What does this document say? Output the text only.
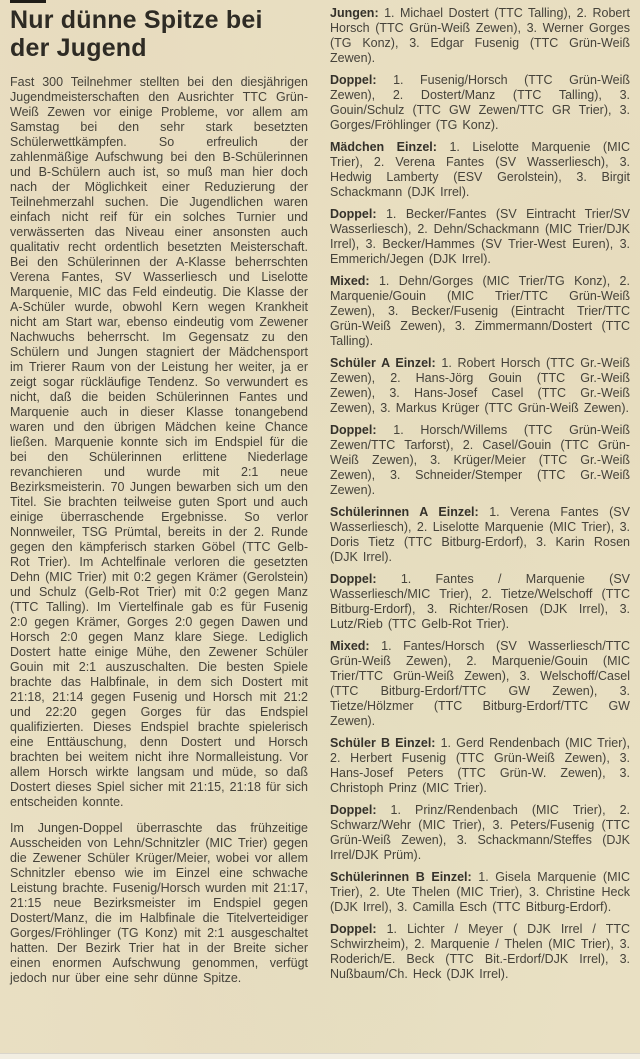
Nur dünne Spitze bei der Jugend

Fast 300 Teilnehmer stellten bei den diesjährigen Jugendmeisterschaften den Ausrichter TTC Grün-Weiß Zewen vor einige Probleme, vor allem am Samstag bei den sehr stark besetzten Schülerwettkämpfen. So erfreulich der zahlenmäßige Aufschwung bei den B-Schülerinnen und B-Schülern auch ist, so muß man hier doch nach der Möglichkeit einer Reduzierung der Teilnehmerzahl suchen. Die Jugendlichen waren einfach nicht reif für ein solches Turnier und verwässerten das Niveau einer ansonsten auch qualitativ recht ordentlich besetzten Meisterschaft. Bei den Schülerinnen der A-Klasse beherrschten Verena Fantes, SV Wasserliesch und Liselotte Marquenie, MIC das Feld eindeutig. Die Klasse der A-Schüler wurde, obwohl Kern wegen Krankheit nicht am Start war, ebenso eindeutig vom Zewener Nachwuchs beherrscht. Im Gegensatz zu den Schülern und Jungen stagniert der Mädchensport im Trierer Raum von der Leistung her weiter, ja er zeigt sogar rückläufige Tendenz. So verwundert es nicht, daß die beiden Schülerinnen Fantes und Marquenie auch in dieser Klasse tonangebend waren und den übrigen Mädchen keine Chance ließen. Marquenie konnte sich im Endspiel für die bei den Schülerinnen erlittene Niederlage revanchieren und wurde mit 2:1 neue Bezirksmeisterin. 70 Jungen bewarben sich um den Titel. Sie brachten teilweise guten Sport und auch einige überraschende Ergebnisse. So verlor Nonnweiler, TSG Prümtal, bereits in der 2. Runde gegen den kämpferisch starken Göbel (TTC Gelb-Rot Trier). Im Achtelfinale verloren die gesetzten Dehn (MIC Trier) mit 0:2 gegen Krämer (Gerolstein) und Schulz (Gelb-Rot Trier) mit 0:2 gegen Manz (TTC Talling). Im Viertelfinale gab es für Fusenig 2:0 gegen Krämer, Gorges 2:0 gegen Dawen und Horsch 2:0 gegen Manz klare Siege. Lediglich Dostert hatte einige Mühe, den Zewener Schüler Gouin mit 2:1 auszuschalten. Die besten Spiele brachte das Halbfinale, in dem sich Dostert mit 21:18, 21:14 gegen Fusenig und Horsch mit 21:2 und 22:20 gegen Gorges für das Endspiel qualifizierten. Dieses Endspiel brachte spielerisch eine Enttäuschung, denn Dostert und Horsch brachten bei weitem nicht ihre Normalleistung. Vor allem Horsch wirkte langsam und müde, so daß Dostert dieses Spiel sicher mit 21:15, 21:18 für sich entscheiden konnte.

Im Jungen-Doppel überraschte das frühzeitige Ausscheiden von Lehn/Schnitzler (MIC Trier) gegen die Zewener Schüler Krüger/Meier, wobei vor allem Schnitzler ebenso wie im Einzel eine schwache Leistung brachte. Fusenig/Horsch wurden mit 21:17, 21:15 neue Bezirksmeister im Endspiel gegen Dostert/Manz, die im Halbfinale die Titelverteidiger Gorges/Fröhlinger (TG Konz) mit 2:1 ausgeschaltet hatten. Der Bezirk Trier hat in der Breite sicher einen enormen Aufschwung genommen, verfügt jedoch nur über eine sehr dünne Spitze.

Jungen: 1. Michael Dostert (TTC Talling), 2. Robert Horsch (TTC Grün-Weiß Zewen), 3. Werner Gorges (TG Konz), 3. Edgar Fusenig (TTC Grün-Weiß Zewen).

Doppel: 1. Fusenig/Horsch (TTC Grün-Weiß Zewen), 2. Dostert/Manz (TTC Talling), 3. Gouin/Schulz (TTC GW Zewen/TTC GR Trier), 3. Gorges/Fröhlinger (TG Konz).

Mädchen Einzel: 1. Liselotte Marquenie (MIC Trier), 2. Verena Fantes (SV Wasserliesch), 3. Hedwig Lamberty (ESV Gerolstein), 3. Birgit Schackmann (DJK Irrel).

Doppel: 1. Becker/Fantes (SV Eintracht Trier/SV Wasserliesch), 2. Dehn/Schackmann (MIC Trier/DJK Irrel), 3. Becker/Hammes (SV Trier-West Euren), 3. Emmerich/Jegen (DJK Irrel).

Mixed: 1. Dehn/Gorges (MIC Trier/TG Konz), 2. Marquenie/Gouin (MIC Trier/TTC Grün-Weiß Zewen), 3. Becker/Fusenig (Eintracht Trier/TTC Grün-Weiß Zewen), 3. Zimmermann/Dostert (TTC Talling).

Schüler A Einzel: 1. Robert Horsch (TTC Gr.-Weiß Zewen), 2. Hans-Jörg Gouin (TTC Gr.-Weiß Zewen), 3. Hans-Josef Casel (TTC Gr.-Weiß Zewen), 3. Markus Krüger (TTC Grün-Weiß Zewen).

Doppel: 1. Horsch/Willems (TTC Grün-Weiß Zewen/TTC Tarforst), 2. Casel/Gouin (TTC Grün-Weiß Zewen), 3. Krüger/Meier (TTC Gr.-Weiß Zewen), 3. Schneider/Stemper (TTC Gr.-Weiß Zewen).

Schülerinnen A Einzel: 1. Verena Fantes (SV Wasserliesch), 2. Liselotte Marquenie (MIC Trier), 3. Doris Tietz (TTC Bitburg-Erdorf), 3. Karin Rosen (DJK Irrel).

Doppel: 1. Fantes / Marquenie (SV Wasserliesch/MIC Trier), 2. Tietze/Welschoff (TTC Bitburg-Erdorf), 3. Richter/Rosen (DJK Irrel), 3. Lutz/Rieb (TTC Gelb-Rot Trier).

Mixed: 1. Fantes/Horsch (SV Wasserliesch/TTC Grün-Weiß Zewen), 2. Marquenie/Gouin (MIC Trier/TTC Grün-Weiß Zewen), 3. Welschoff/Casel (TTC Bitburg-Erdorf/TTC GW Zewen), 3. Tietze/Hölzmer (TTC Bitburg-Erdorf/TTC GW Zewen).

Schüler B Einzel: 1. Gerd Rendenbach (MIC Trier), 2. Herbert Fusenig (TTC Grün-Weiß Zewen), 3. Hans-Josef Peters (TTC Grün-W. Zewen), 3. Christoph Prinz (MIC Trier).

Doppel: 1. Prinz/Rendenbach (MIC Trier), 2. Schwarz/Wehr (MIC Trier), 3. Peters/Fusenig (TTC Grün-Weiß Zewen), 3. Schackmann/Steffes (DJK Irrel/DJK Prüm).

Schülerinnen B Einzel: 1. Gisela Marquenie (MIC Trier), 2. Ute Thelen (MIC Trier), 3. Christine Heck (DJK Irrel), 3. Camilla Esch (TTC Bitburg-Erdorf).

Doppel: 1. Lichter / Meyer ( DJK Irrel / TTC Schwirzheim), 2. Marquenie / Thelen (MIC Trier), 3. Roderich/E. Beck (TTC Bit.-Erdorf/DJK Irrel), 3. Nußbaum/Ch. Heck (DJK Irrel).
